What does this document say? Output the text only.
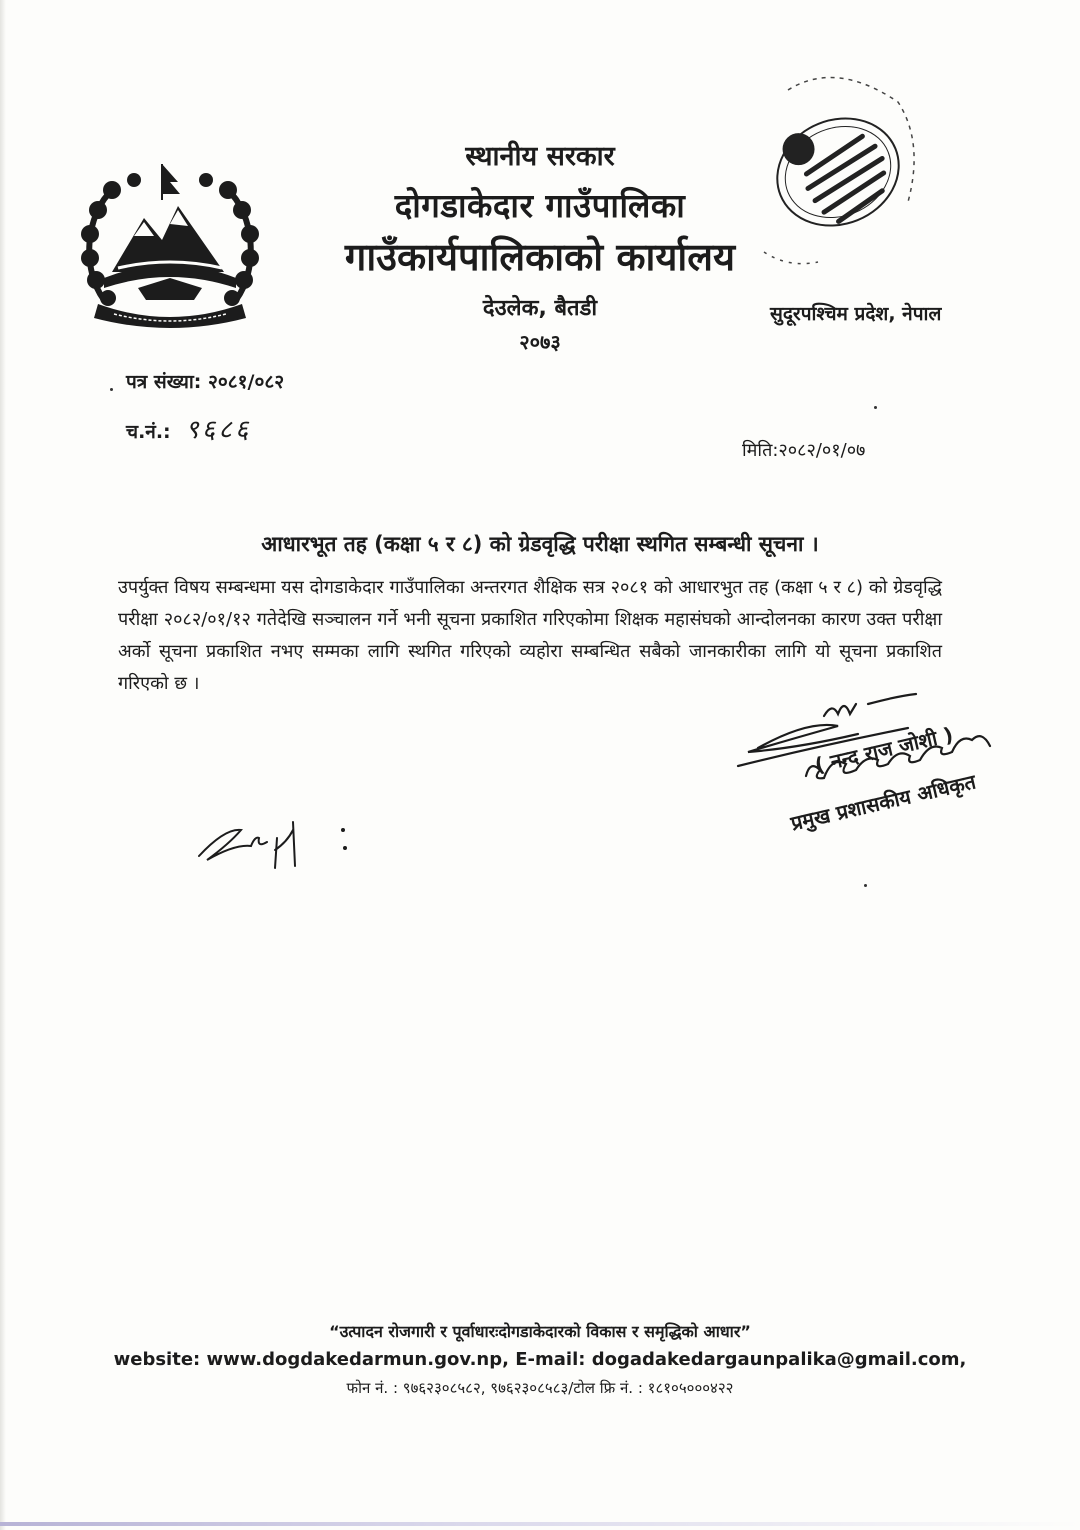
स्थानीय सरकार

दोगडाकेदार गाउँपालिका

गाउँकार्यपालिकाको कार्यालय

देउलेक, बैतडी

२०७३

सुदूरपश्चिम प्रदेश, नेपाल
पत्र संख्या: २०८१/०८२
च.नं.: ९६८६
मिति:२०८२/०१/०७

आधारभूत तह (कक्षा ५ र ८) को ग्रेडवृद्धि परीक्षा स्थगित सम्बन्धी सूचना ।

उपर्युक्त विषय सम्बन्धमा यस दोगडाकेदार गाउँपालिका अन्तरगत शैक्षिक सत्र २०८१ को आधारभुत तह (कक्षा ५ र ८) को ग्रेडवृद्धि परीक्षा २०८२/०१/१२ गतेदेखि सञ्चालन गर्ने भनी सूचना प्रकाशित गरिएकोमा शिक्षक महासंघको आन्दोलनका कारण उक्त परीक्षा अर्को सूचना प्रकाशित नभए सम्मका लागि स्थगित गरिएको व्यहोरा सम्बन्धित सबैको जानकारीका लागि यो सूचना प्रकाशित गरिएको छ ।

( नन्द राज जोशी )
प्रमुख प्रशासकीय अधिकृत

“उत्पादन रोजगारी र पूर्वाधारःदोगडाकेदारको विकास र समृद्धिको आधार”

website: www.dogdakedarmun.gov.np, E-mail: dogadakedargaunpalika@gmail.com,

फोन नं. : ९७६२३०८५८२, ९७६२३०८५८३/टोल फ्रि नं. : १८१०५०००४२२
